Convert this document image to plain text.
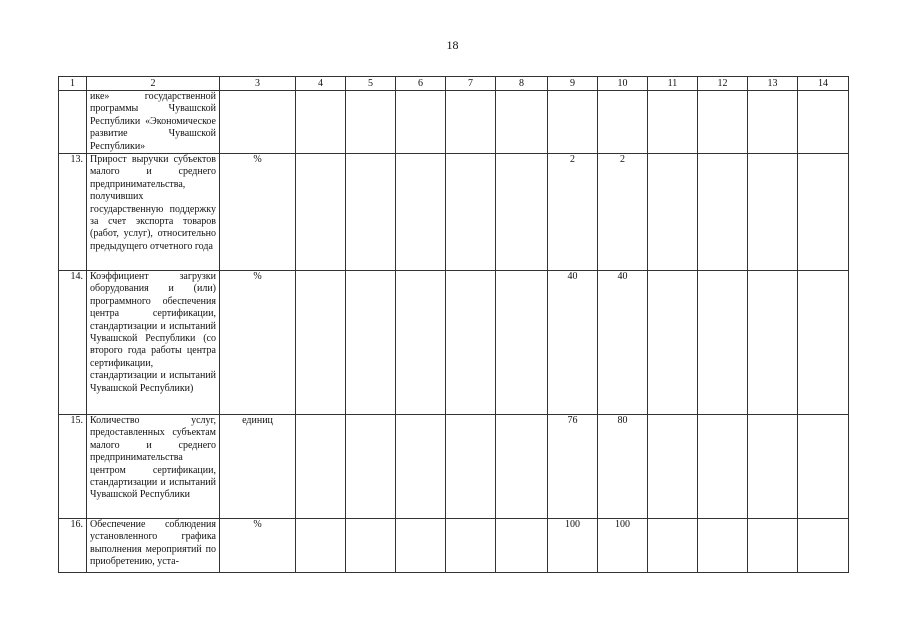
18
1	2	3	4	5	6	7	8	9	10	11	12	13	14
	ике» государственной программы Чувашской Республики «Экономическое развитие Чувашской Республики»												
13.	Прирост выручки субъектов малого и среднего предпринимательства, получивших государственную поддержку за счет экспорта товаров (работ, услуг), относительно предыдущего отчетного года	%						2	2				
14.	Коэффициент загрузки оборудования и (или) программного обеспечения центра сертификации, стандартизации и испытаний Чувашской Республики (со второго года работы центра сертификации, стандартизации и испытаний Чувашской Республики)	%						40	40				
15.	Количество услуг, предоставленных субъектам малого и среднего предпринимательства центром сертификации, стандартизации и испытаний Чувашской Республики	единиц						76	80				
16.	Обеспечение соблюдения установленного графика выполнения мероприятий по приобретению, уста-	%						100	100				
